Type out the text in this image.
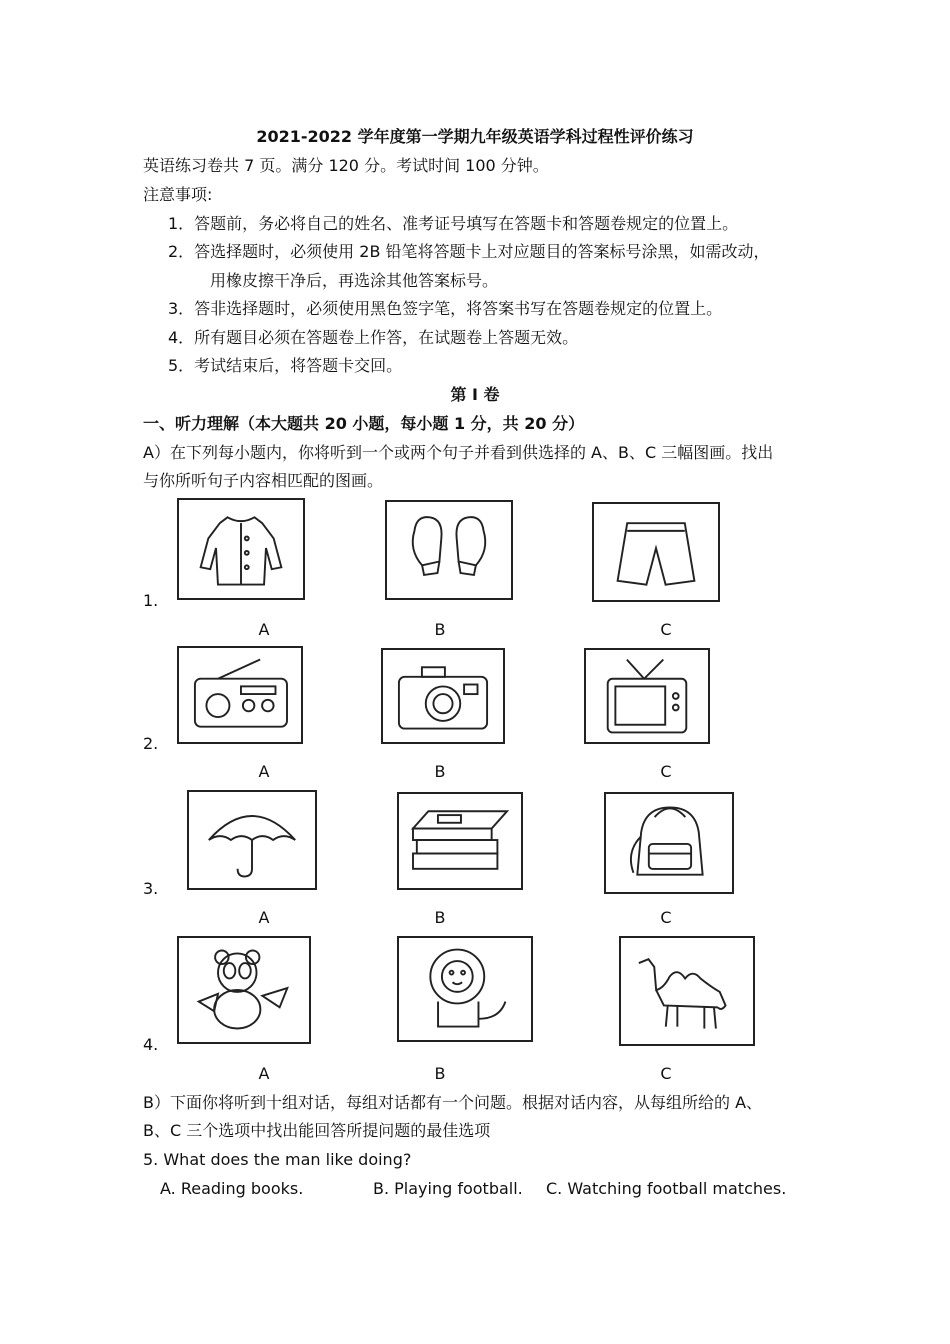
2021-2022 学年度第一学期九年级英语学科过程性评价练习

英语练习卷共 7 页。满分 120 分。考试时间 100 分钟。

注意事项:

1．答题前，务必将自己的姓名、准考证号填写在答题卡和答题卷规定的位置上。

2．答选择题时，必须使用 2B 铅笔将答题卡上对应题目的答案标号涂黑，如需改动，

用橡皮擦干净后，再选涂其他答案标号。

3．答非选择题时，必须使用黑色签字笔，将答案书写在答题卷规定的位置上。

4．所有题目必须在答题卷上作答，在试题卷上答题无效。

5．考试结束后，将答题卡交回。

第 I 卷

一、听力理解（本大题共 20 小题，每小题 1 分，共 20 分）

A）在下列每小题内，你将听到一个或两个句子并看到供选择的 A、B、C 三幅图画。找出

与你所听句子内容相匹配的图画。

1.
A	B	C
2.
A	B	C
3.
A	B	C
4.
A	B	C

B）下面你将听到十组对话，每组对话都有一个问题。根据对话内容，从每组所给的 A、

B、C 三个选项中找出能回答所提问题的最佳选项

5. What does the man like doing?

A. Reading books.	B. Playing football. C. Watching football matches.
